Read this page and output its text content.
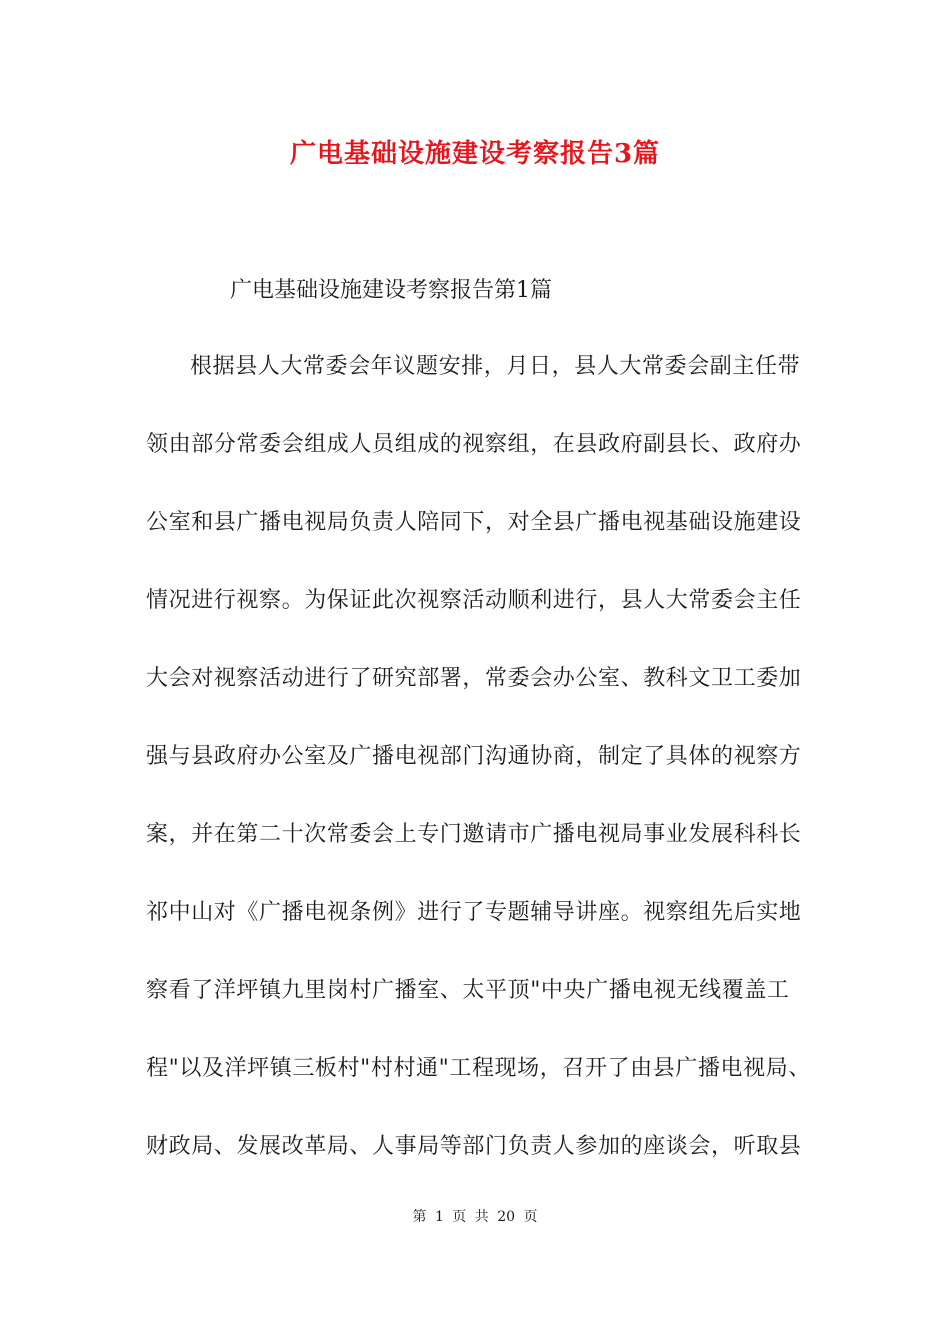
广电基础设施建设考察报告3篇
广电基础设施建设考察报告第1篇
根据县人大常委会年议题安排，月日，县人大常委会副主任带
领由部分常委会组成人员组成的视察组，在县政府副县长、政府办
公室和县广播电视局负责人陪同下，对全县广播电视基础设施建设
情况进行视察。为保证此次视察活动顺利进行，县人大常委会主任
大会对视察活动进行了研究部署，常委会办公室、教科文卫工委加
强与县政府办公室及广播电视部门沟通协商，制定了具体的视察方
案，并在第二十次常委会上专门邀请市广播电视局事业发展科科长
祁中山对《广播电视条例》进行了专题辅导讲座。视察组先后实地
察看了洋坪镇九里岗村广播室、太平顶"中央广播电视无线覆盖工
程"以及洋坪镇三板村"村村通"工程现场，召开了由县广播电视局、
财政局、发展改革局、人事局等部门负责人参加的座谈会，听取县
第 1 页 共 20 页
